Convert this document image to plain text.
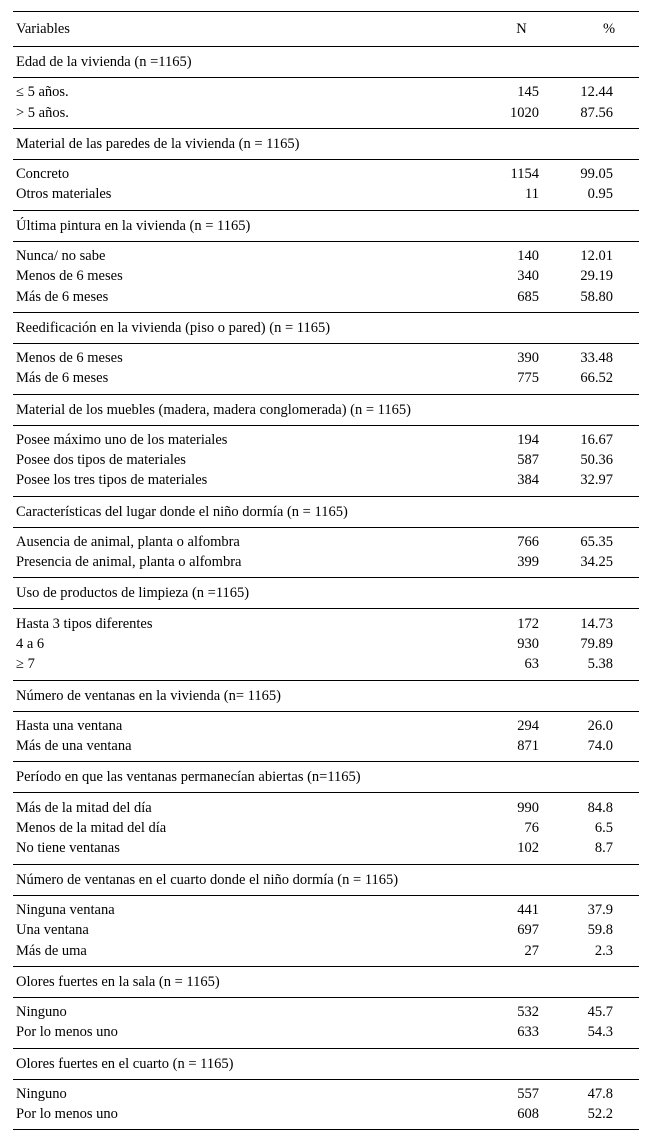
Variables	N	%
Edad de la vivienda (n =1165)
≤ 5 años.	145	12.44
> 5 años.	1020	87.56
Material de las paredes de la vivienda (n = 1165)
Concreto	1154	99.05
Otros materiales	11	0.95
Última pintura en la vivienda (n = 1165)
Nunca/ no sabe	140	12.01
Menos de 6 meses	340	29.19
Más de 6 meses	685	58.80
Reedificación en la vivienda (piso o pared) (n = 1165)
Menos de 6 meses	390	33.48
Más de 6 meses	775	66.52
Material de los muebles (madera, madera conglomerada) (n = 1165)
Posee máximo uno de los materiales	194	16.67
Posee dos tipos de materiales	587	50.36
Posee los tres tipos de materiales	384	32.97
Características del lugar donde el niño dormía (n = 1165)
Ausencia de animal, planta o alfombra	766	65.35
Presencia de animal, planta o alfombra	399	34.25
Uso de productos de limpieza (n =1165)
Hasta 3 tipos diferentes	172	14.73
4 a 6	930	79.89
≥ 7	63	5.38
Número de ventanas en la vivienda (n= 1165)
Hasta una ventana	294	26.0
Más de una ventana	871	74.0
Período en que las ventanas permanecían abiertas (n=1165)
Más de la mitad del día	990	84.8
Menos de la mitad del día	76	6.5
No tiene ventanas	102	8.7
Número de ventanas en el cuarto donde el niño dormía (n = 1165)
Ninguna ventana	441	37.9
Una ventana	697	59.8
Más de uma	27	2.3
Olores fuertes en la sala (n = 1165)
Ninguno	532	45.7
Por lo menos uno	633	54.3
Olores fuertes en el cuarto (n = 1165)
Ninguno	557	47.8
Por lo menos uno	608	52.2
